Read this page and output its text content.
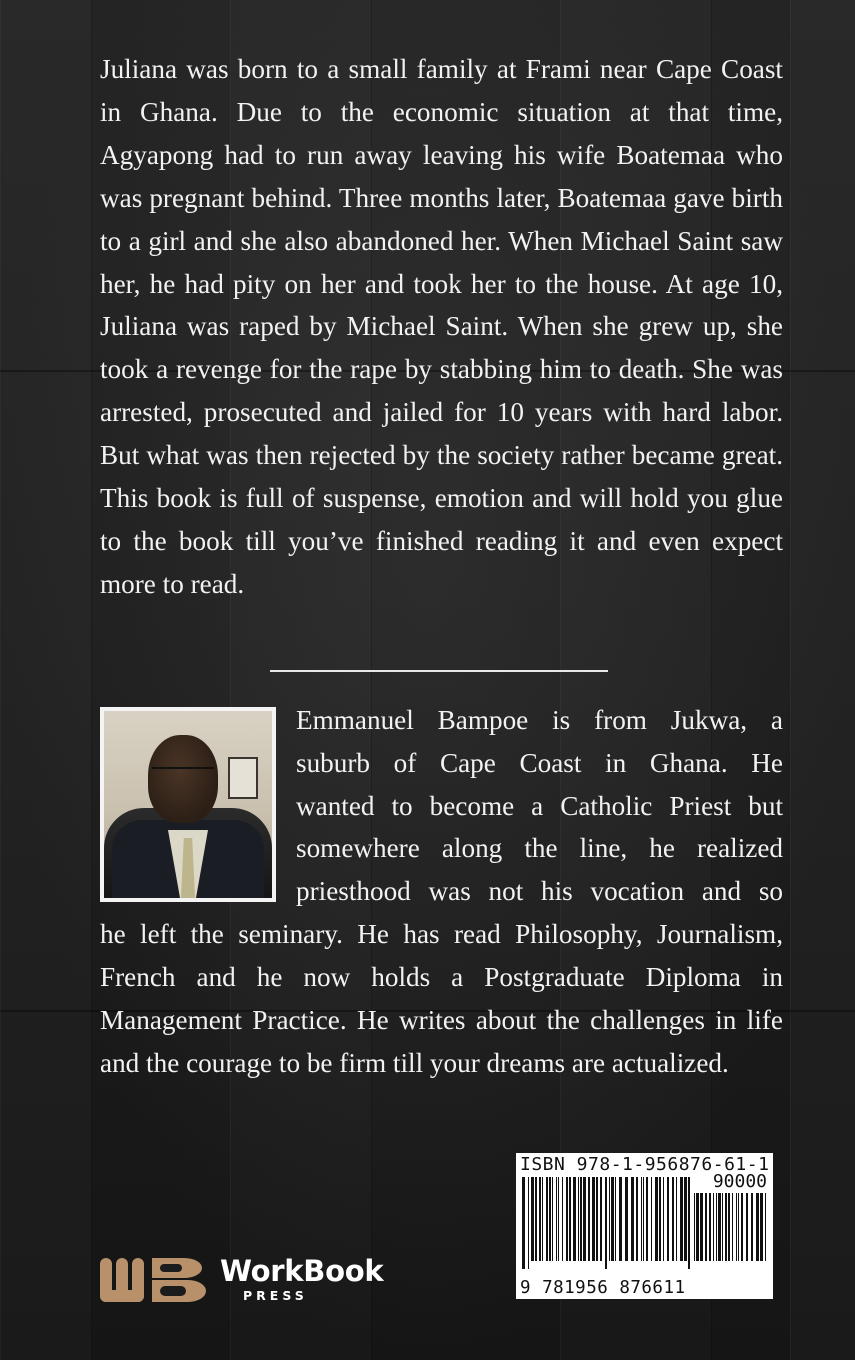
Juliana was born to a small family at Frami near Cape Coast in Ghana. Due to the economic situation at that time, Agyapong had to run away leaving his wife Boatemaa who was pregnant behind. Three months later, Boatemaa gave birth to a girl and she also abandoned her. When Michael Saint saw her, he had pity on her and took her to the house. At age 10, Juliana was raped by Michael Saint. When she grew up, she took a revenge for the rape by stabbing him to death. She was arrested, prosecuted and jailed for 10 years with hard labor. But what was then rejected by the society rather became great. This book is full of suspense, emotion and will hold you glue to the book till you’ve finished reading it and even expect more to read.

Emmanuel Bampoe is from Jukwa, a
suburb of Cape Coast in Ghana. He
wanted to become a Catholic Priest but
somewhere along the line, he realized
priesthood was not his vocation and so

he left the seminary. He has read Philosophy, Journalism, French and he now holds a Postgraduate Diploma in Management Practice. He writes about the challenges in life and the courage to be firm till your dreams are actualized.

ISBN 978-1-956876-61-1
90000
9 781956 876611
WorkBook
PRESS
